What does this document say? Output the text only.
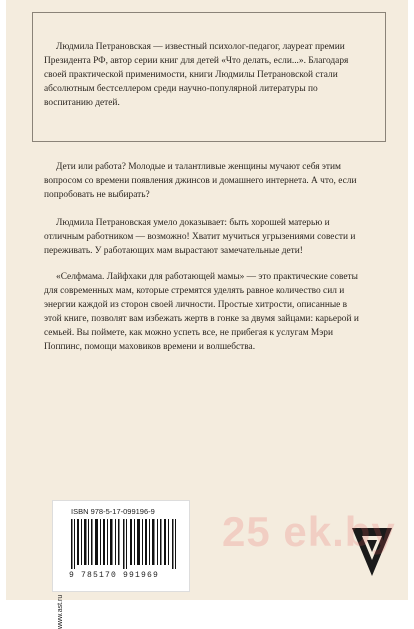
Людмила Петрановская — известный психолог-педагог, лауреат премии Президента РФ, автор серии книг для детей «Что делать, если...». Благодаря своей практической применимости, книги Людмилы Петрановской стали абсолютным бестселлером среди научно-популярной литературы по воспитанию детей.

Дети или работа? Молодые и талантливые женщины мучают себя этим вопросом со времени появления джинсов и домашнего интернета. А что, если попробовать не выбирать?

Людмила Петрановская умело доказывает: быть хорошей матерью и отличным работником — возможно! Хватит мучиться угрызениями совести и переживать. У работающих мам вырастают замечательные дети!

«Селфмама. Лайфхаки для работающей мамы» — это практические советы для современных мам, которые стремятся уделять равное количество сил и энергии каждой из сторон своей личности. Простые хитрости, описанные в этой книге, позволят вам избежать жертв в гонке за двумя зайцами: карьерой и семьей. Вы поймете, как можно успеть все, не прибегая к услугам Мэри Поппинс, помощи маховиков времени и волшебства.

www.ast.ru
ISBN 978-5-17-099196-9
9 785170 991969
25 ek.by
